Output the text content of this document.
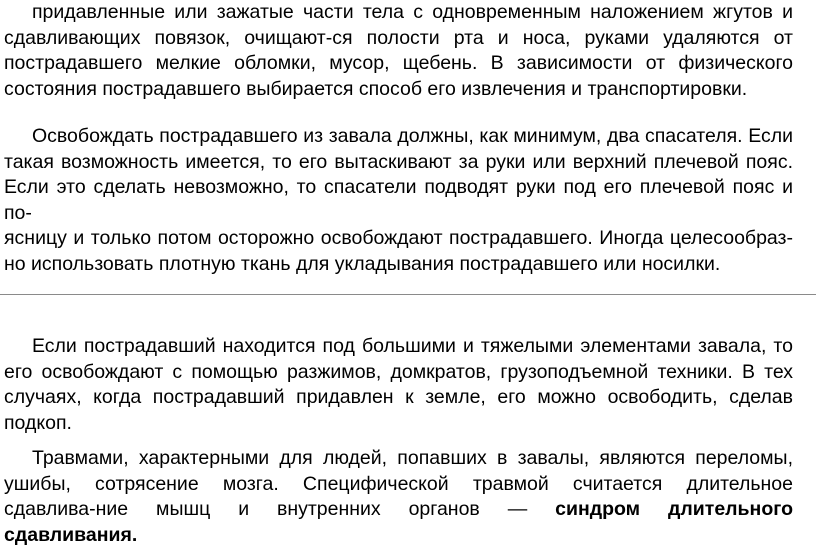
придавленные или зажатые части тела с одновременным наложением жгутов и
сдавливающих повязок, очищают-ся полости рта и носа, руками удаляются от
пострадавшего мелкие обломки, мусор, щебень. В зависимости от физического
состояния пострадавшего выбирается способ его извлечения и транспортировки.
Освобождать пострадавшего из завала должны, как минимум, два спасателя. Если
такая возможность имеется, то его вытаскивают за руки или верхний плечевой пояс.
Если это сделать невозможно, то спасатели подводят руки под его плечевой пояс и по-
ясницу и только потом осторожно освобождают пострадавшего. Иногда целесообраз-
но использовать плотную ткань для укладывания пострадавшего или носилки.
Если пострадавший находится под большими и тяжелыми элементами завала, то
его освобождают с помощью разжимов, домкратов, грузоподъемной техники. В тех
случаях, когда пострадавший придавлен к земле, его можно освободить, сделав
подкоп.
Травмами, характерными для людей, попавших в завалы, являются переломы,
ушибы, сотрясение мозга. Специфической травмой считается длительное
сдавлива-ние мышц и внутренних органов — синдром длительного
сдавливания.
